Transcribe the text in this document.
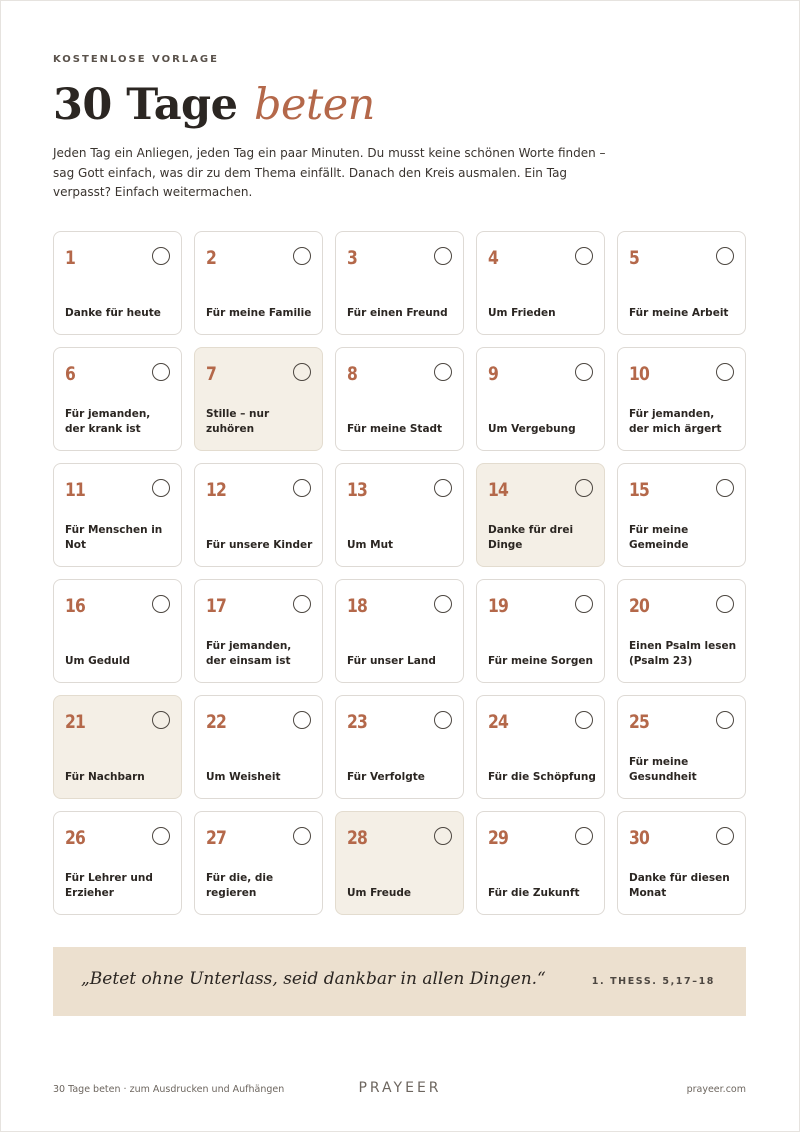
KOSTENLOSE VORLAGE
30 Tage beten

Jeden Tag ein Anliegen, jeden Tag ein paar Minuten. Du musst keine schönen Worte finden – sag Gott einfach, was dir zu dem Thema einfällt. Danach den Kreis ausmalen. Ein Tag verpasst? Einfach weitermachen.

1
Danke für heute
2
Für meine Familie
3
Für einen Freund
4
Um Frieden
5
Für meine Arbeit
6
Für jemanden, der krank ist
7
Stille – nur zuhören
8
Für meine Stadt
9
Um Vergebung
10
Für jemanden, der mich ärgert
11
Für Menschen in Not
12
Für unsere Kinder
13
Um Mut
14
Danke für drei Dinge
15
Für meine Gemeinde
16
Um Geduld
17
Für jemanden, der einsam ist
18
Für unser Land
19
Für meine Sorgen
20
Einen Psalm lesen (Psalm 23)
21
Für Nachbarn
22
Um Weisheit
23
Für Verfolgte
24
Für die Schöpfung
25
Für meine Gesundheit
26
Für Lehrer und Erzieher
27
Für die, die regieren
28
Um Freude
29
Für die Zukunft
30
Danke für diesen Monat
„Betet ohne Unterlass, seid dankbar in allen Dingen.“	1. THESS. 5,17–18
30 Tage beten · zum Ausdrucken und Aufhängen	PRAYEER	prayeer.com
